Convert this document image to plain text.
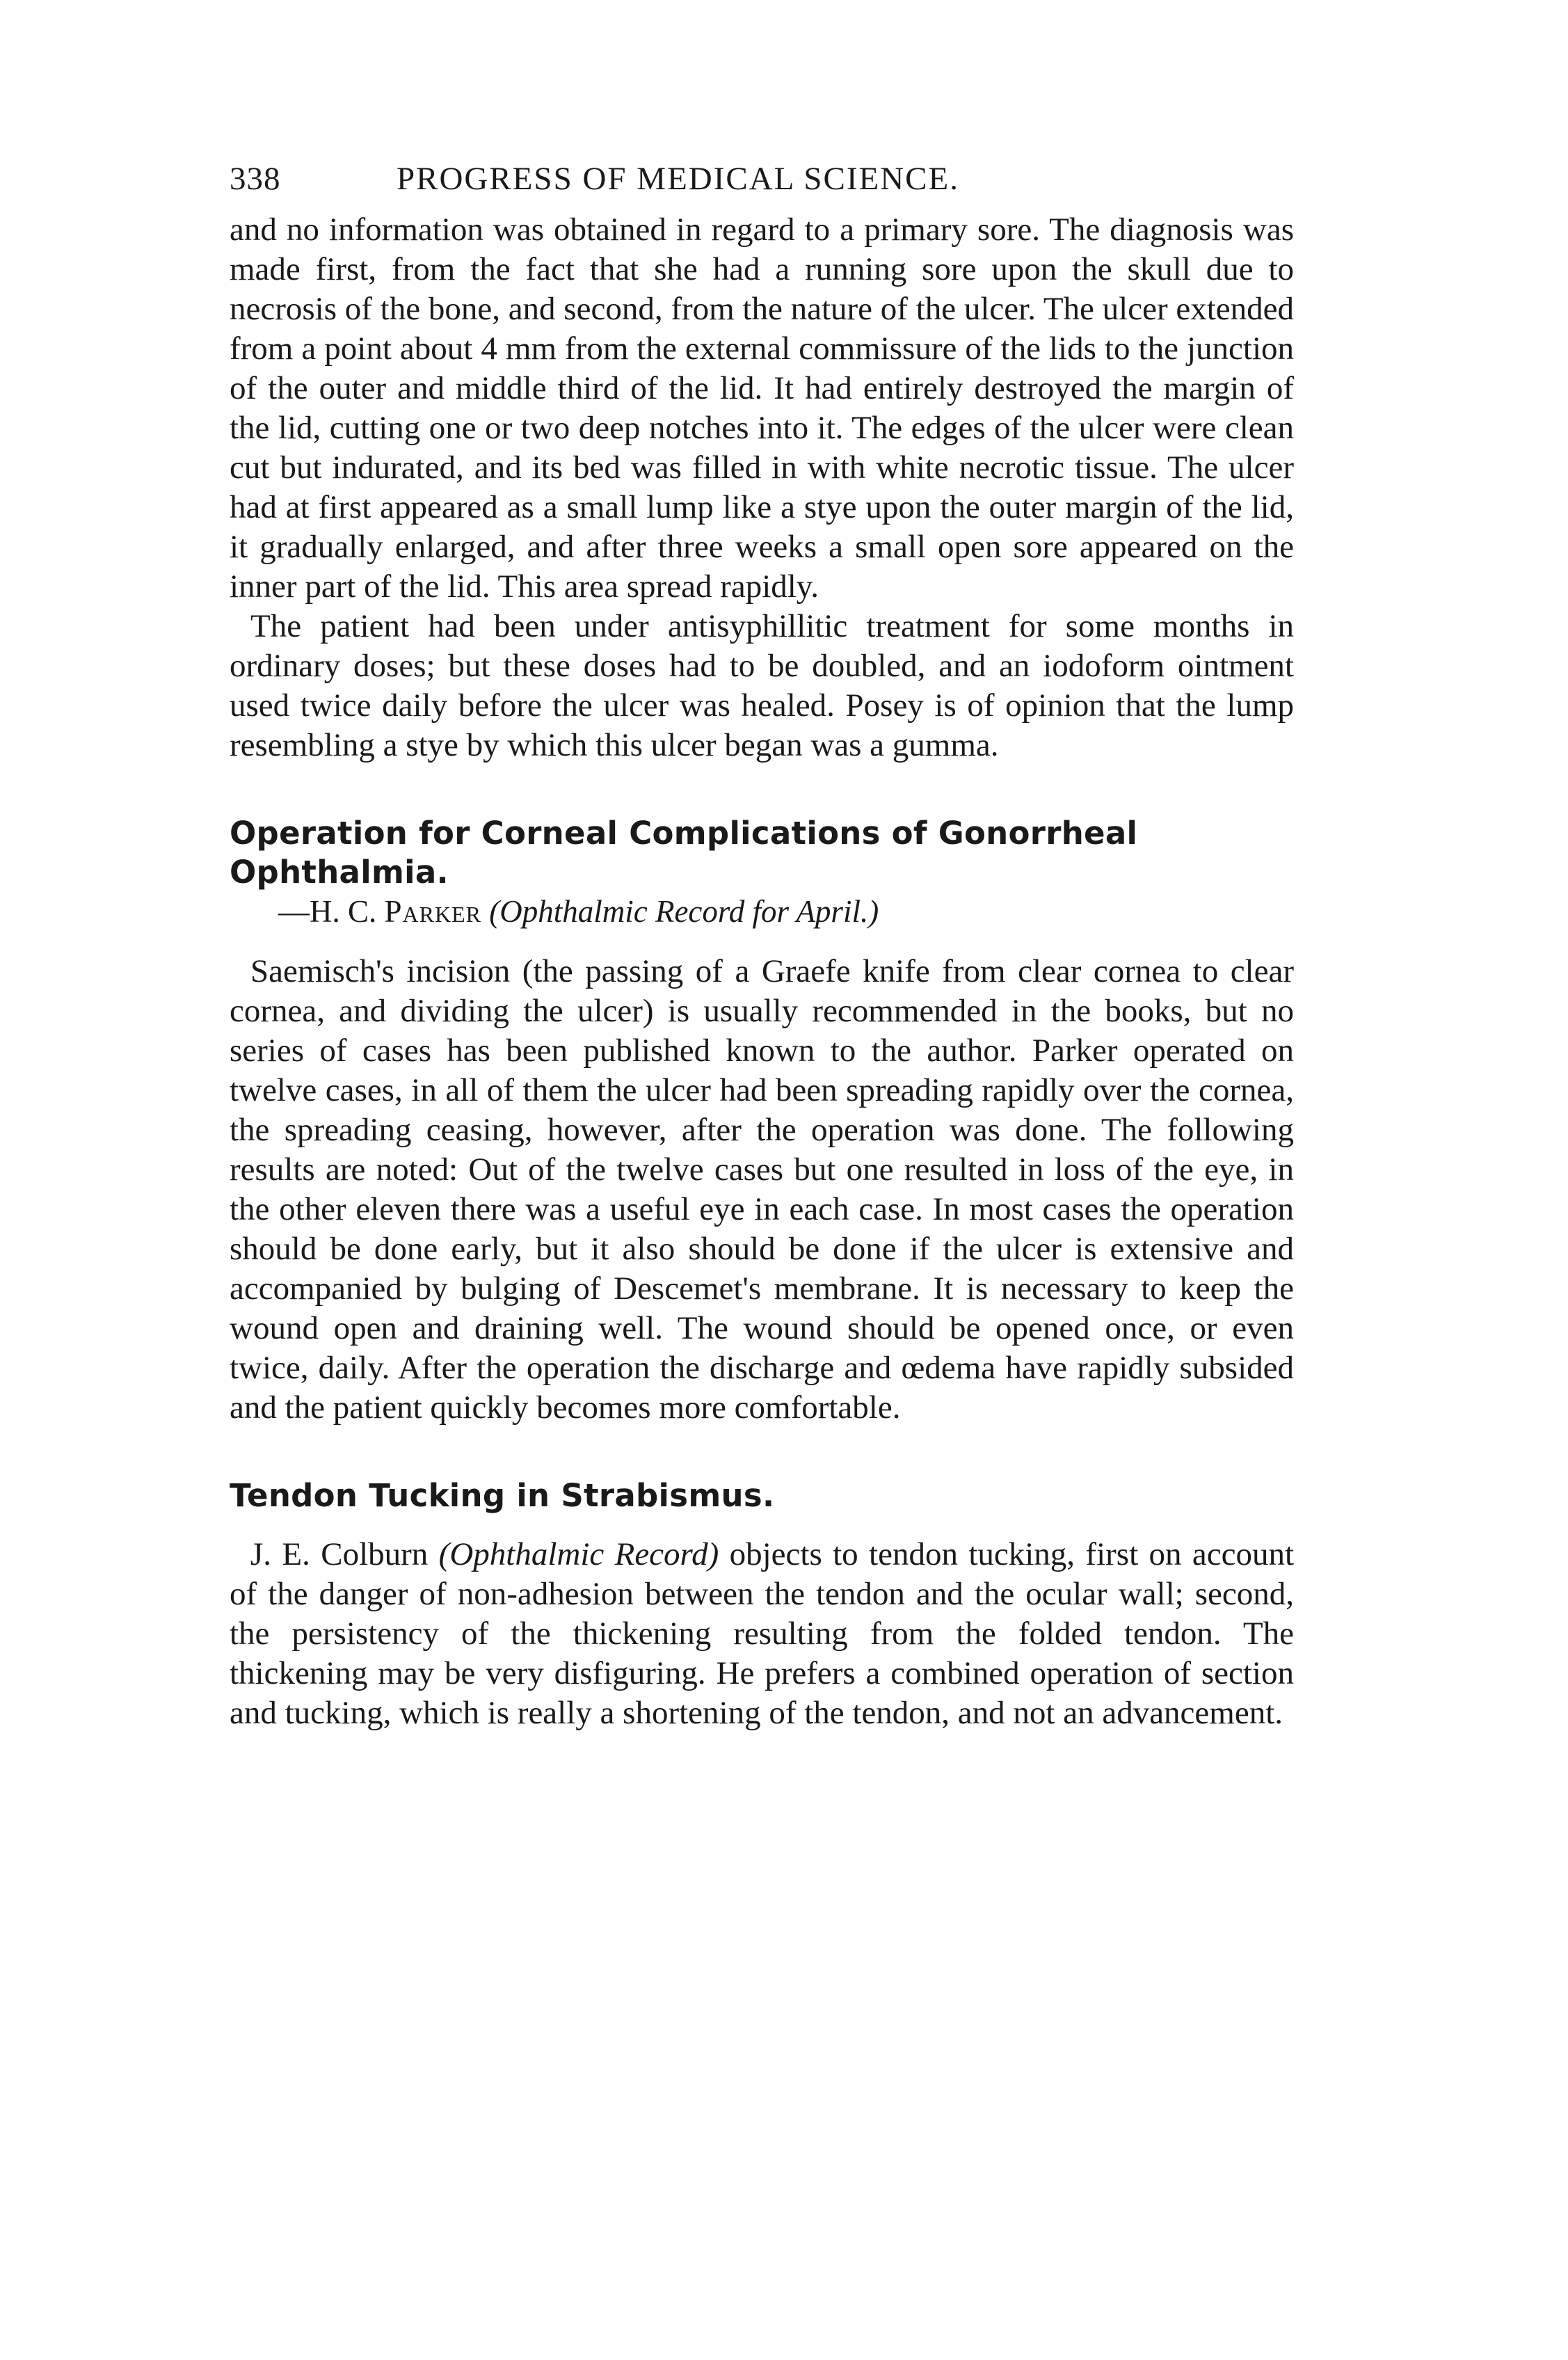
338	PROGRESS OF MEDICAL SCIENCE.

and no information was obtained in regard to a primary sore. The diagnosis was made first, from the fact that she had a running sore upon the skull due to necrosis of the bone, and second, from the nature of the ulcer. The ulcer extended from a point about 4 mm from the external commissure of the lids to the junction of the outer and middle third of the lid. It had entirely destroyed the margin of the lid, cutting one or two deep notches into it. The edges of the ulcer were clean cut but indurated, and its bed was filled in with white necrotic tissue. The ulcer had at first appeared as a small lump like a stye upon the outer margin of the lid, it gradually enlarged, and after three weeks a small open sore appeared on the inner part of the lid. This area spread rapidly.

The patient had been under antisyphillitic treatment for some months in ordinary doses; but these doses had to be doubled, and an iodoform ointment used twice daily before the ulcer was healed. Posey is of opinion that the lump resembling a stye by which this ulcer began was a gumma.

Operation for Corneal Complications of Gonorrheal Ophthalmia.
—H. C. Parker (Ophthalmic Record for April.)

Saemisch's incision (the passing of a Graefe knife from clear cornea to clear cornea, and dividing the ulcer) is usually recommended in the books, but no series of cases has been published known to the author. Parker operated on twelve cases, in all of them the ulcer had been spreading rapidly over the cornea, the spreading ceasing, however, after the operation was done. The following results are noted: Out of the twelve cases but one resulted in loss of the eye, in the other eleven there was a useful eye in each case. In most cases the operation should be done early, but it also should be done if the ulcer is extensive and accompanied by bulging of Descemet's membrane. It is necessary to keep the wound open and draining well. The wound should be opened once, or even twice, daily. After the operation the discharge and œdema have rapidly subsided and the patient quickly becomes more comfortable.

Tendon Tucking in Strabismus.

J. E. Colburn (Ophthalmic Record) objects to tendon tucking, first on account of the danger of non-adhesion between the tendon and the ocular wall; second, the persistency of the thickening resulting from the folded tendon. The thickening may be very disfiguring. He prefers a combined operation of section and tucking, which is really a shortening of the tendon, and not an advancement.
